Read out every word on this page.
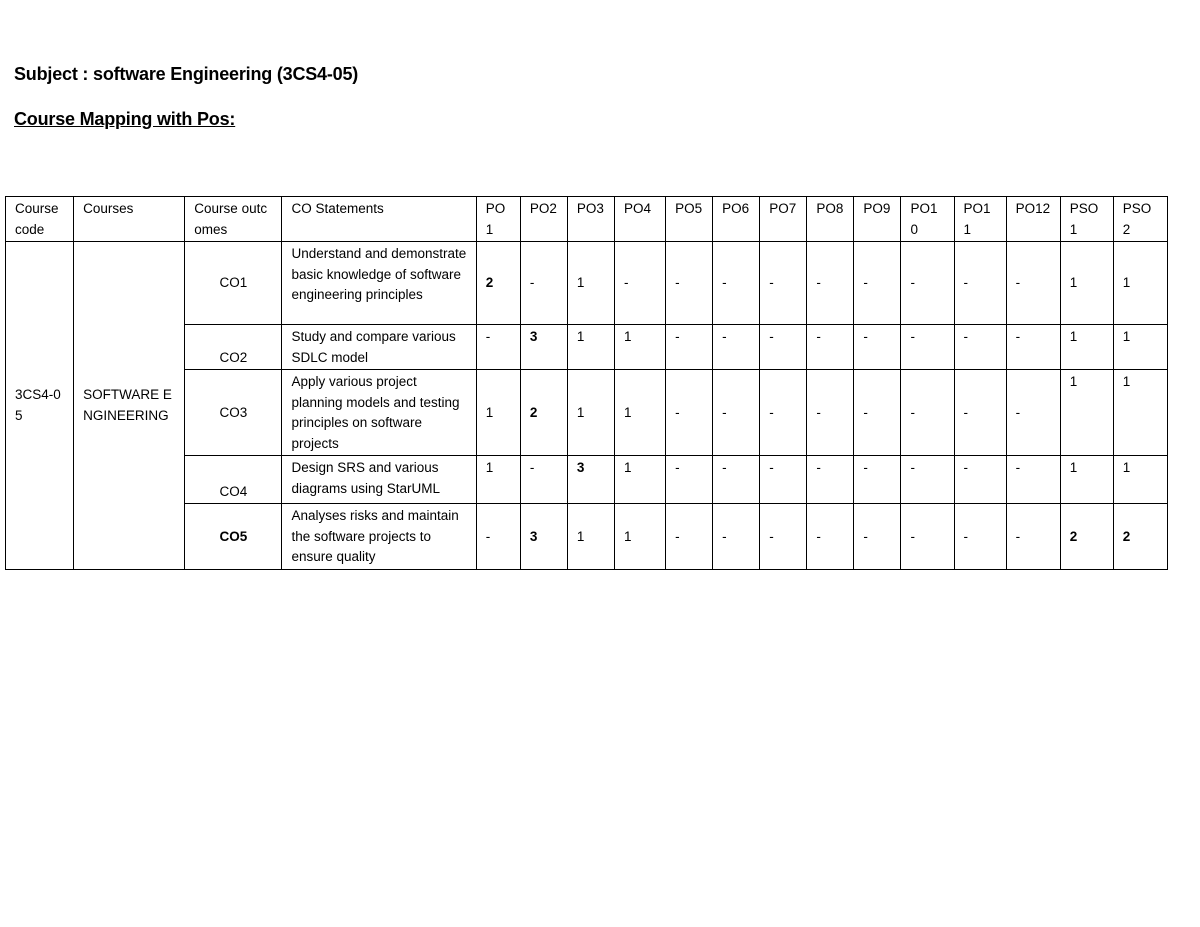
Subject : software Engineering (3CS4-05)
Course Mapping with Pos:
Course code	Courses	Course outcomes	CO Statements	PO1	PO2	PO3	PO4	PO5	PO6	PO7	PO8	PO9	PO10	PO11	PO12	PSO1	PSO2
3CS4-05	SOFTWARE ENGINEERING	CO1	Understand and demonstrate basic knowledge of software engineering principles	2	-	1	-	-	-	-	-	-	-	-	-	1	1
		CO2	Study and compare various SDLC model	-	3	1	1	-	-	-	-	-	-	-	-	1	1
		CO3	Apply various project planning models and testing principles on software projects	1	2	1	1	-	-	-	-	-	-	-	-	1	1
		CO4	Design SRS and various diagrams using StarUML	1	-	3	1	-	-	-	-	-	-	-	-	1	1
		CO5	Analyses risks and maintain the software projects to ensure quality	-	3	1	1	-	-	-	-	-	-	-	-	2	2
